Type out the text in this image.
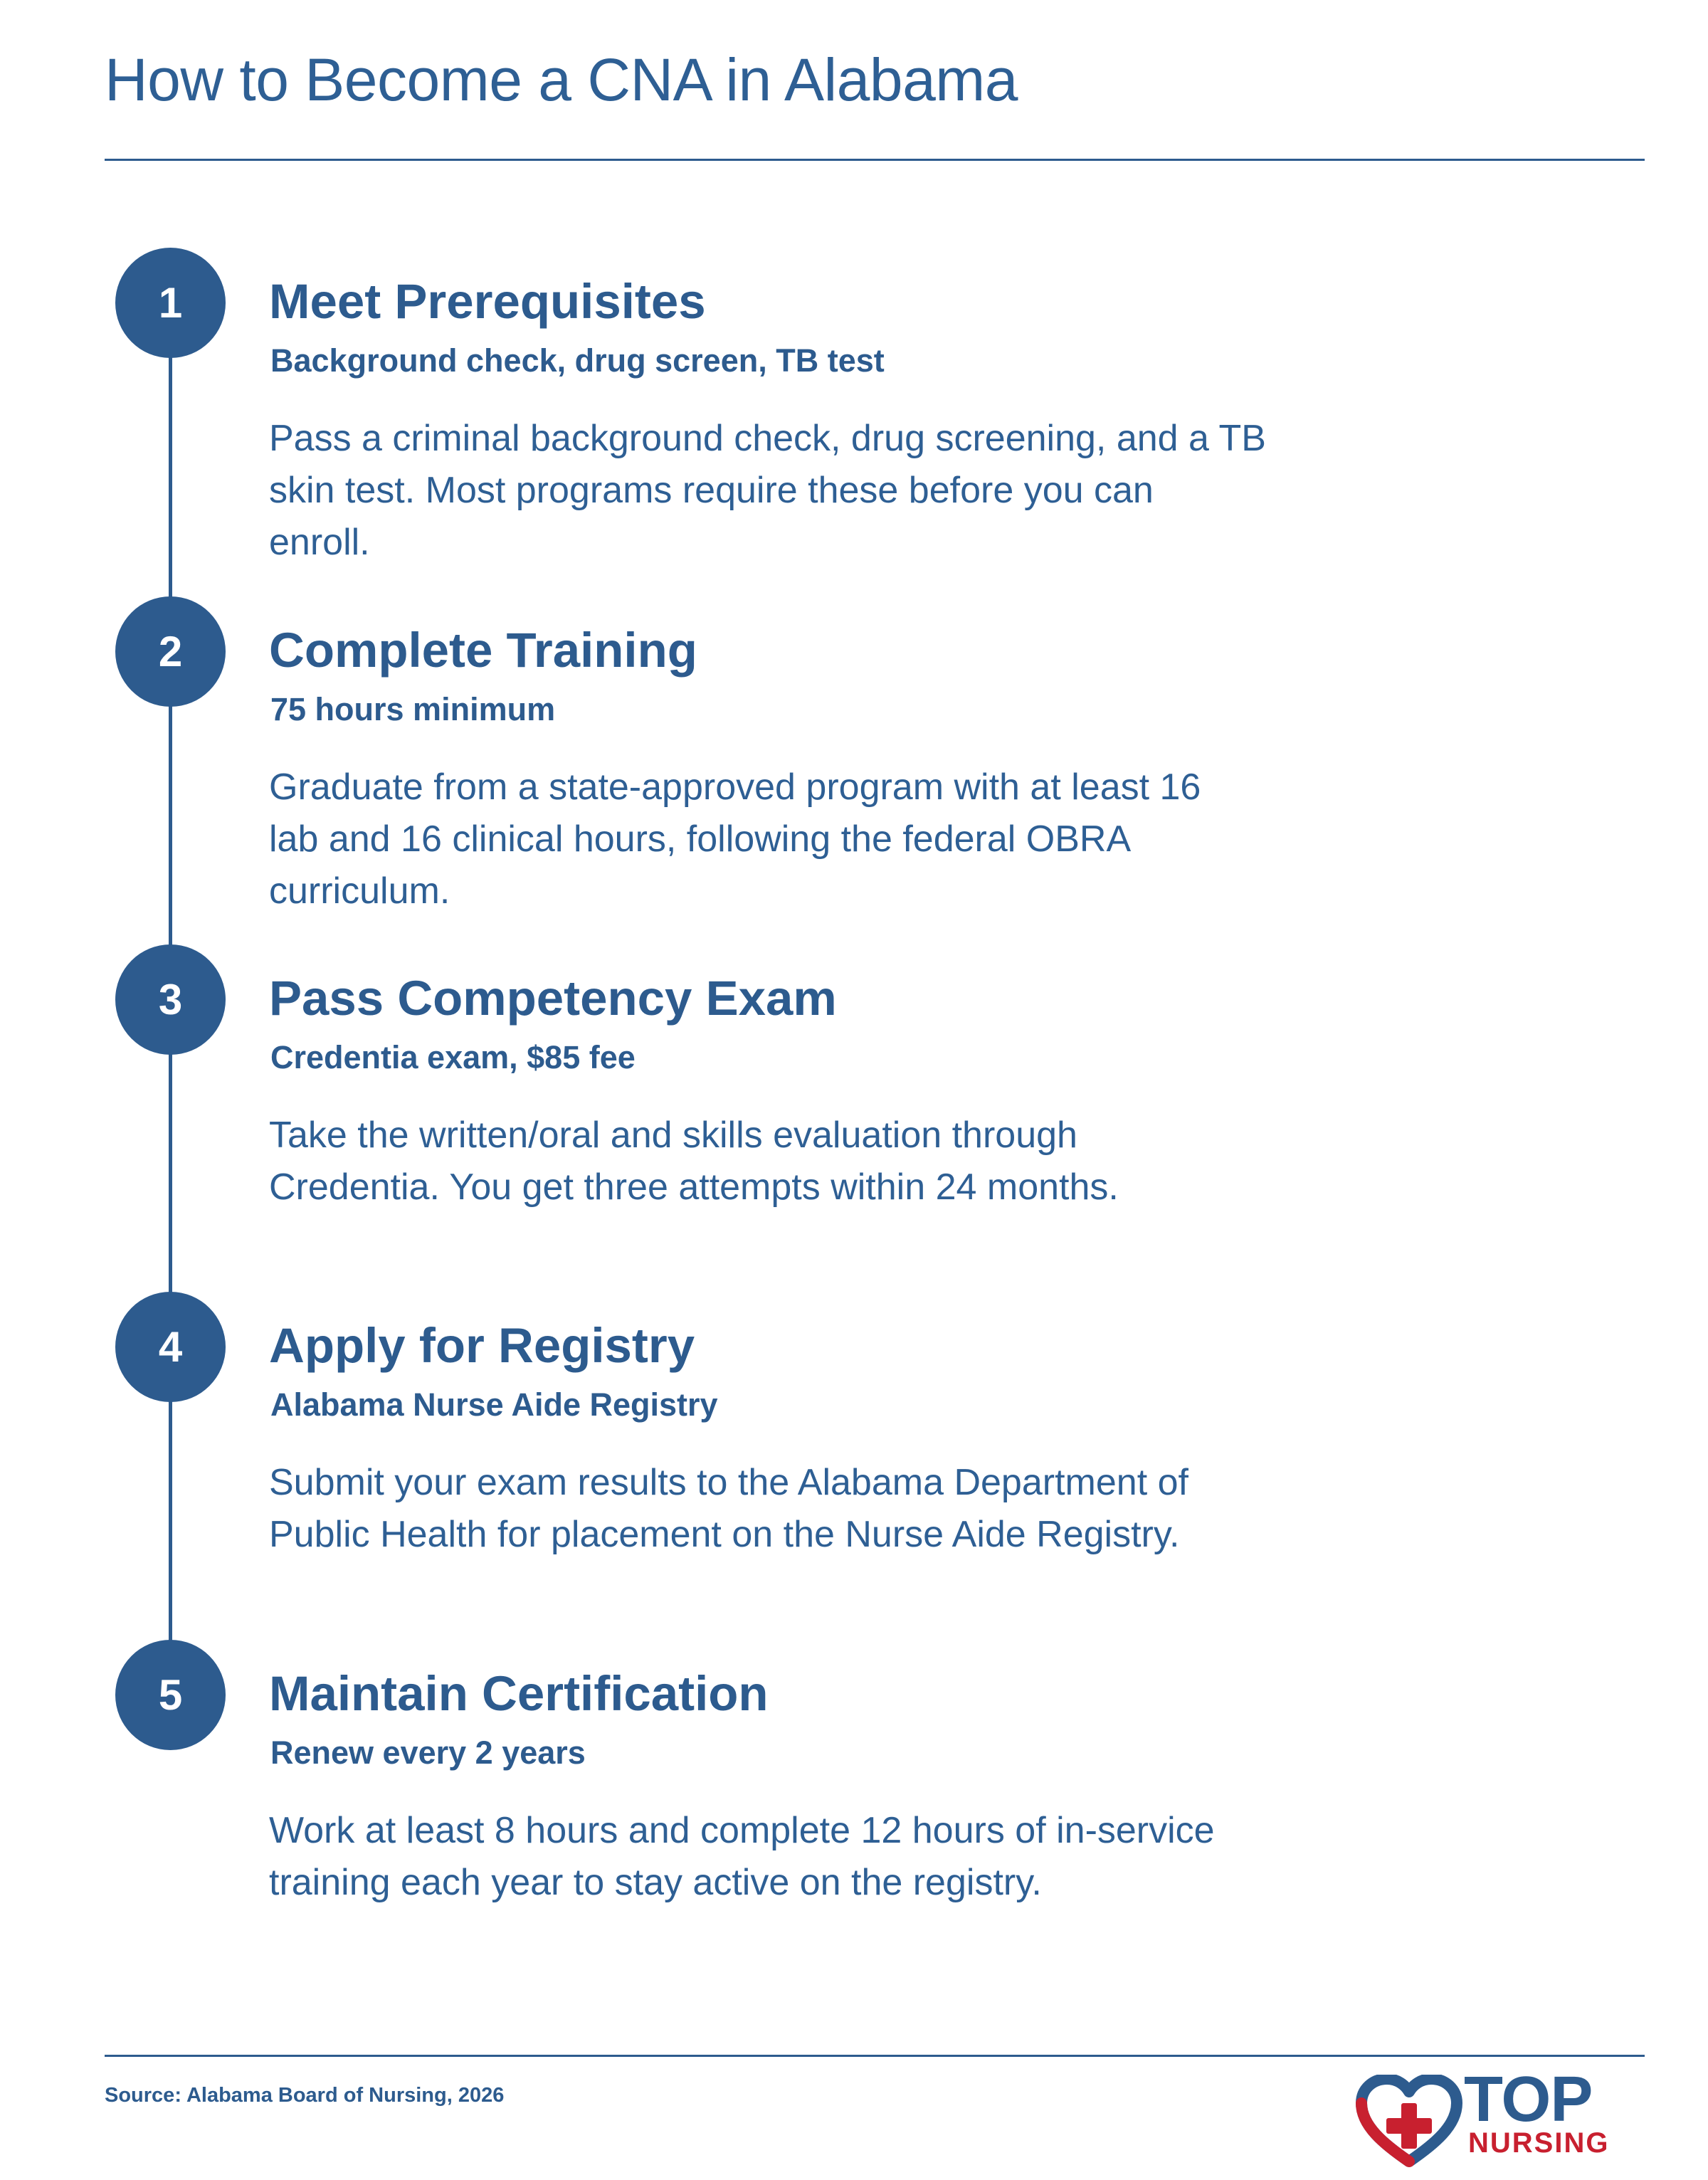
How to Become a CNA in Alabama
1	Meet Prerequisites

Background check, drug screen, TB test

Pass a criminal background check, drug screening, and a TB
skin test. Most programs require these before you can
enroll.

2	Complete Training

75 hours minimum

Graduate from a state-approved program with at least 16
lab and 16 clinical hours, following the federal OBRA
curriculum.

3	Pass Competency Exam

Credentia exam, $85 fee

Take the written/oral and skills evaluation through
Credentia. You get three attempts within 24 months.

4	Apply for Registry

Alabama Nurse Aide Registry

Submit your exam results to the Alabama Department of
Public Health for placement on the Nurse Aide Registry.

5	Maintain Certification

Renew every 2 years

Work at least 8 hours and complete 12 hours of in-service
training each year to stay active on the registry.

Source: Alabama Board of Nursing, 2026	TOP

NURSING
